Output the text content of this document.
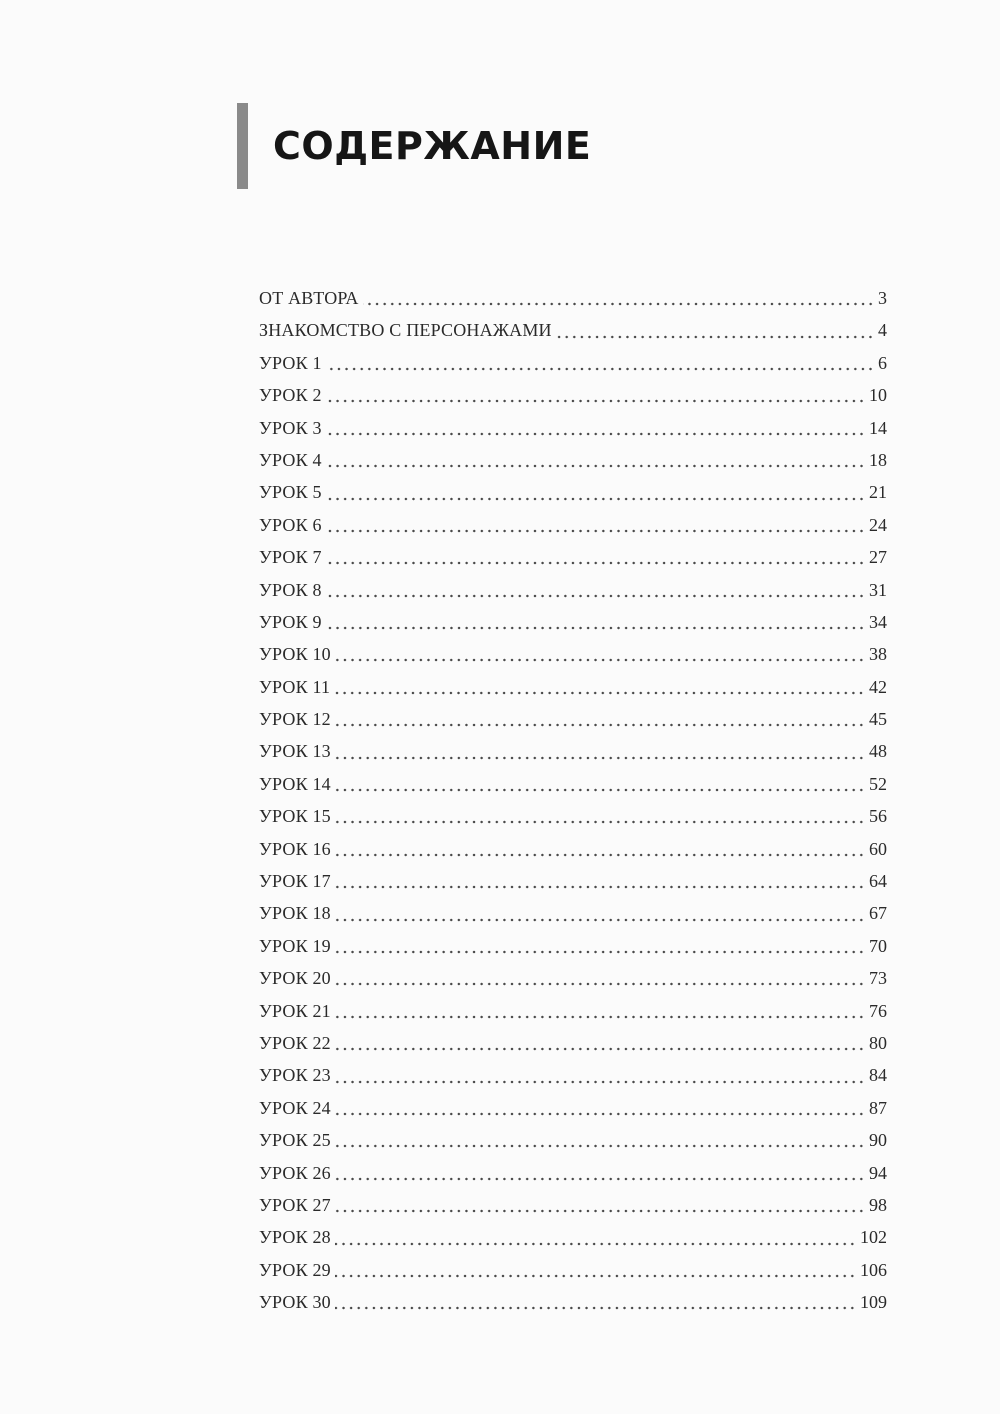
СОДЕРЖАНИЕ
ОТ АВТОРА	3
ЗНАКОМСТВО С ПЕРСОНАЖАМИ	4
УРОК 1	6
УРОК 2	10
УРОК 3	14
УРОК 4	18
УРОК 5	21
УРОК 6	24
УРОК 7	27
УРОК 8	31
УРОК 9	34
УРОК 10	38
УРОК 11	42
УРОК 12	45
УРОК 13	48
УРОК 14	52
УРОК 15	56
УРОК 16	60
УРОК 17	64
УРОК 18	67
УРОК 19	70
УРОК 20	73
УРОК 21	76
УРОК 22	80
УРОК 23	84
УРОК 24	87
УРОК 25	90
УРОК 26	94
УРОК 27	98
УРОК 28	102
УРОК 29	106
УРОК 30	109
